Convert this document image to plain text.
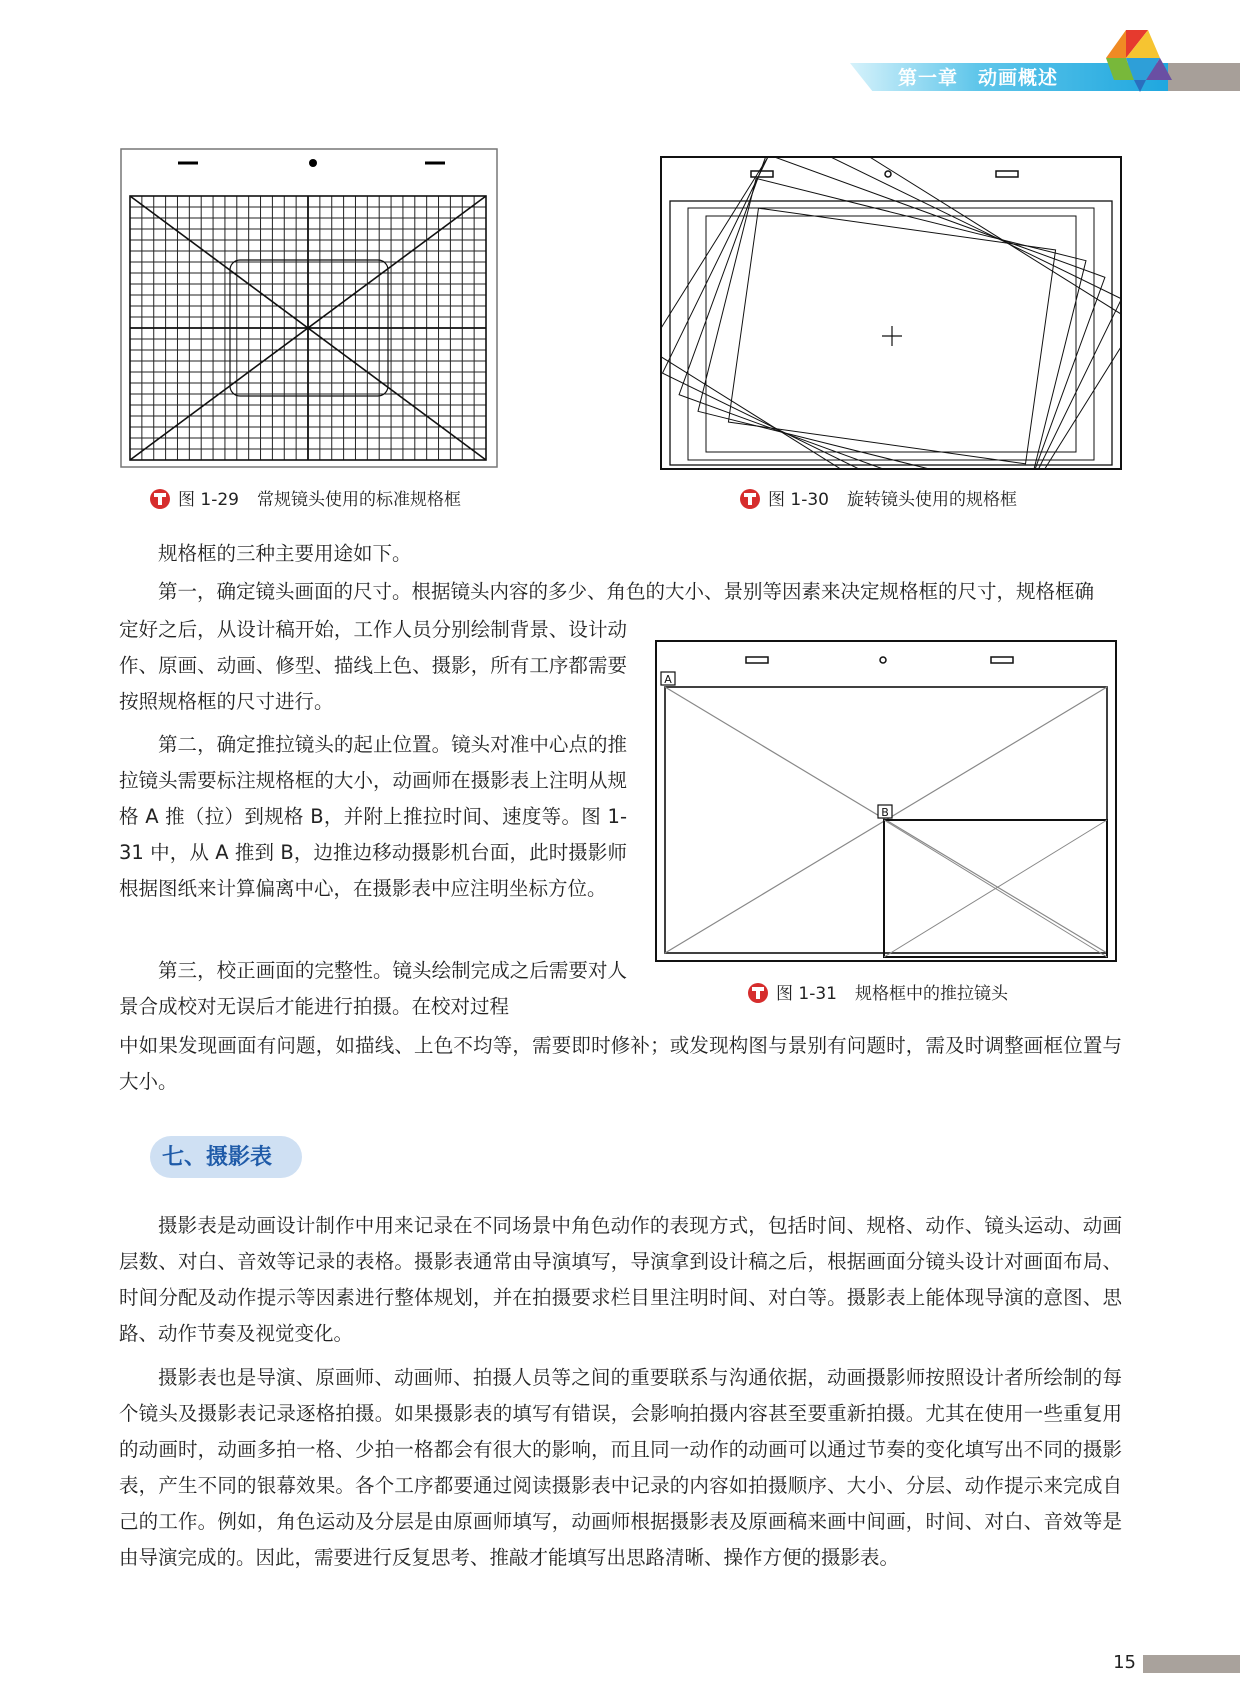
第一章　动画概述
图 1-29 常规镜头使用的标准规格框	图 1-30 旋转镜头使用的规格框

规格框的三种主要用途如下。

第一，确定镜头画面的尺寸。根据镜头内容的多少、角色的大小、景别等因素来决定规格框的尺寸，规格框确

定好之后，从设计稿开始，工作人员分别绘制背景、设计动作、原画、动画、修型、描线上色、摄影，所有工序都需要按照规格框的尺寸进行。

第二，确定推拉镜头的起止位置。镜头对准中心点的推拉镜头需要标注规格框的大小，动画师在摄影表上注明从规格 A 推（拉）到规格 B，并附上推拉时间、速度等。图 1-31 中，从 A 推到 B，边推边移动摄影机台面，此时摄影师根据图纸来计算偏离中心，在摄影表中应注明坐标方位。

第三，校正画面的完整性。镜头绘制完成之后需要对人景合成校对无误后才能进行拍摄。在校对过程

中如果发现画面有问题，如描线、上色不均等，需要即时修补；或发现构图与景别有问题时，需及时调整画框位置与大小。

A
B
图 1-31 规格框中的推拉镜头
七、摄影表

摄影表是动画设计制作中用来记录在不同场景中角色动作的表现方式，包括时间、规格、动作、镜头运动、动画层数、对白、音效等记录的表格。摄影表通常由导演填写，导演拿到设计稿之后，根据画面分镜头设计对画面布局、时间分配及动作提示等因素进行整体规划，并在拍摄要求栏目里注明时间、对白等。摄影表上能体现导演的意图、思路、动作节奏及视觉变化。

摄影表也是导演、原画师、动画师、拍摄人员等之间的重要联系与沟通依据，动画摄影师按照设计者所绘制的每个镜头及摄影表记录逐格拍摄。如果摄影表的填写有错误，会影响拍摄内容甚至要重新拍摄。尤其在使用一些重复用的动画时，动画多拍一格、少拍一格都会有很大的影响，而且同一动作的动画可以通过节奏的变化填写出不同的摄影表，产生不同的银幕效果。各个工序都要通过阅读摄影表中记录的内容如拍摄顺序、大小、分层、动作提示来完成自己的工作。例如，角色运动及分层是由原画师填写，动画师根据摄影表及原画稿来画中间画，时间、对白、音效等是由导演完成的。因此，需要进行反复思考、推敲才能填写出思路清晰、操作方便的摄影表。

15
